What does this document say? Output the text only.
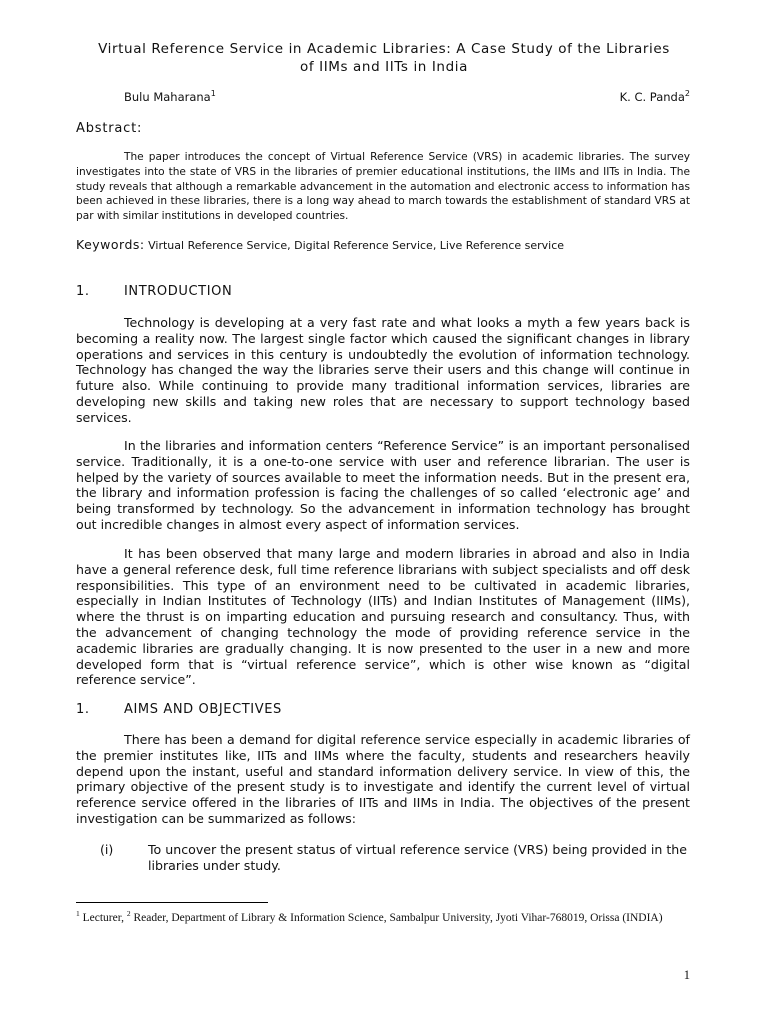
Virtual Reference Service in Academic Libraries: A Case Study of the Libraries of IIMs and IITs in India
Bulu Maharana$^1$	K. C. Panda$^2$
Abstract:

The paper introduces the concept of Virtual Reference Service (VRS) in academic libraries. The survey investigates into the state of VRS in the libraries of premier educational institutions, the IIMs and IITs in India. The study reveals that although a remarkable advancement in the automation and electronic access to information has been achieved in these libraries, there is a long way ahead to march towards the establishment of standard VRS at par with similar institutions in developed countries.

Keywords: Virtual Reference Service, Digital Reference Service, Live Reference service
1.	INTRODUCTION

Technology is developing at a very fast rate and what looks a myth a few years back is becoming a reality now. The largest single factor which caused the significant changes in library operations and services in this century is undoubtedly the evolution of information technology. Technology has changed the way the libraries serve their users and this change will continue in future also. While continuing to provide many traditional information services, libraries are developing new skills and taking new roles that are necessary to support technology based services.

In the libraries and information centers “Reference Service” is an important personalised service. Traditionally, it is a one-to-one service with user and reference librarian. The user is helped by the variety of sources available to meet the information needs. But in the present era, the library and information profession is facing the challenges of so called ‘electronic age’ and being transformed by technology. So the advancement in information technology has brought out incredible changes in almost every aspect of information services.

It has been observed that many large and modern libraries in abroad and also in India have a general reference desk, full time reference librarians with subject specialists and off desk responsibilities. This type of an environment need to be cultivated in academic libraries, especially in Indian Institutes of Technology (IITs) and Indian Institutes of Management (IIMs), where the thrust is on imparting education and pursuing research and consultancy. Thus, with the advancement of changing technology the mode of providing reference service in the academic libraries are gradually changing. It is now presented to the user in a new and more developed form that is “virtual reference service”, which is other wise known as “digital reference service”.

1.	AIMS AND OBJECTIVES

There has been a demand for digital reference service especially in academic libraries of the premier institutes like, IITs and IIMs where the faculty, students and researchers heavily depend upon the instant, useful and standard information delivery service. In view of this, the primary objective of the present study is to investigate and identify the current level of virtual reference service offered in the libraries of IITs and IIMs in India. The objectives of the present investigation can be summarized as follows:

(i)	To uncover the present status of virtual reference service (VRS) being provided in the libraries under study.
$^1$ Lecturer, $^2$ Reader, Department of Library & Information Science, Sambalpur University, Jyoti Vihar-768019, Orissa (INDIA)
1
